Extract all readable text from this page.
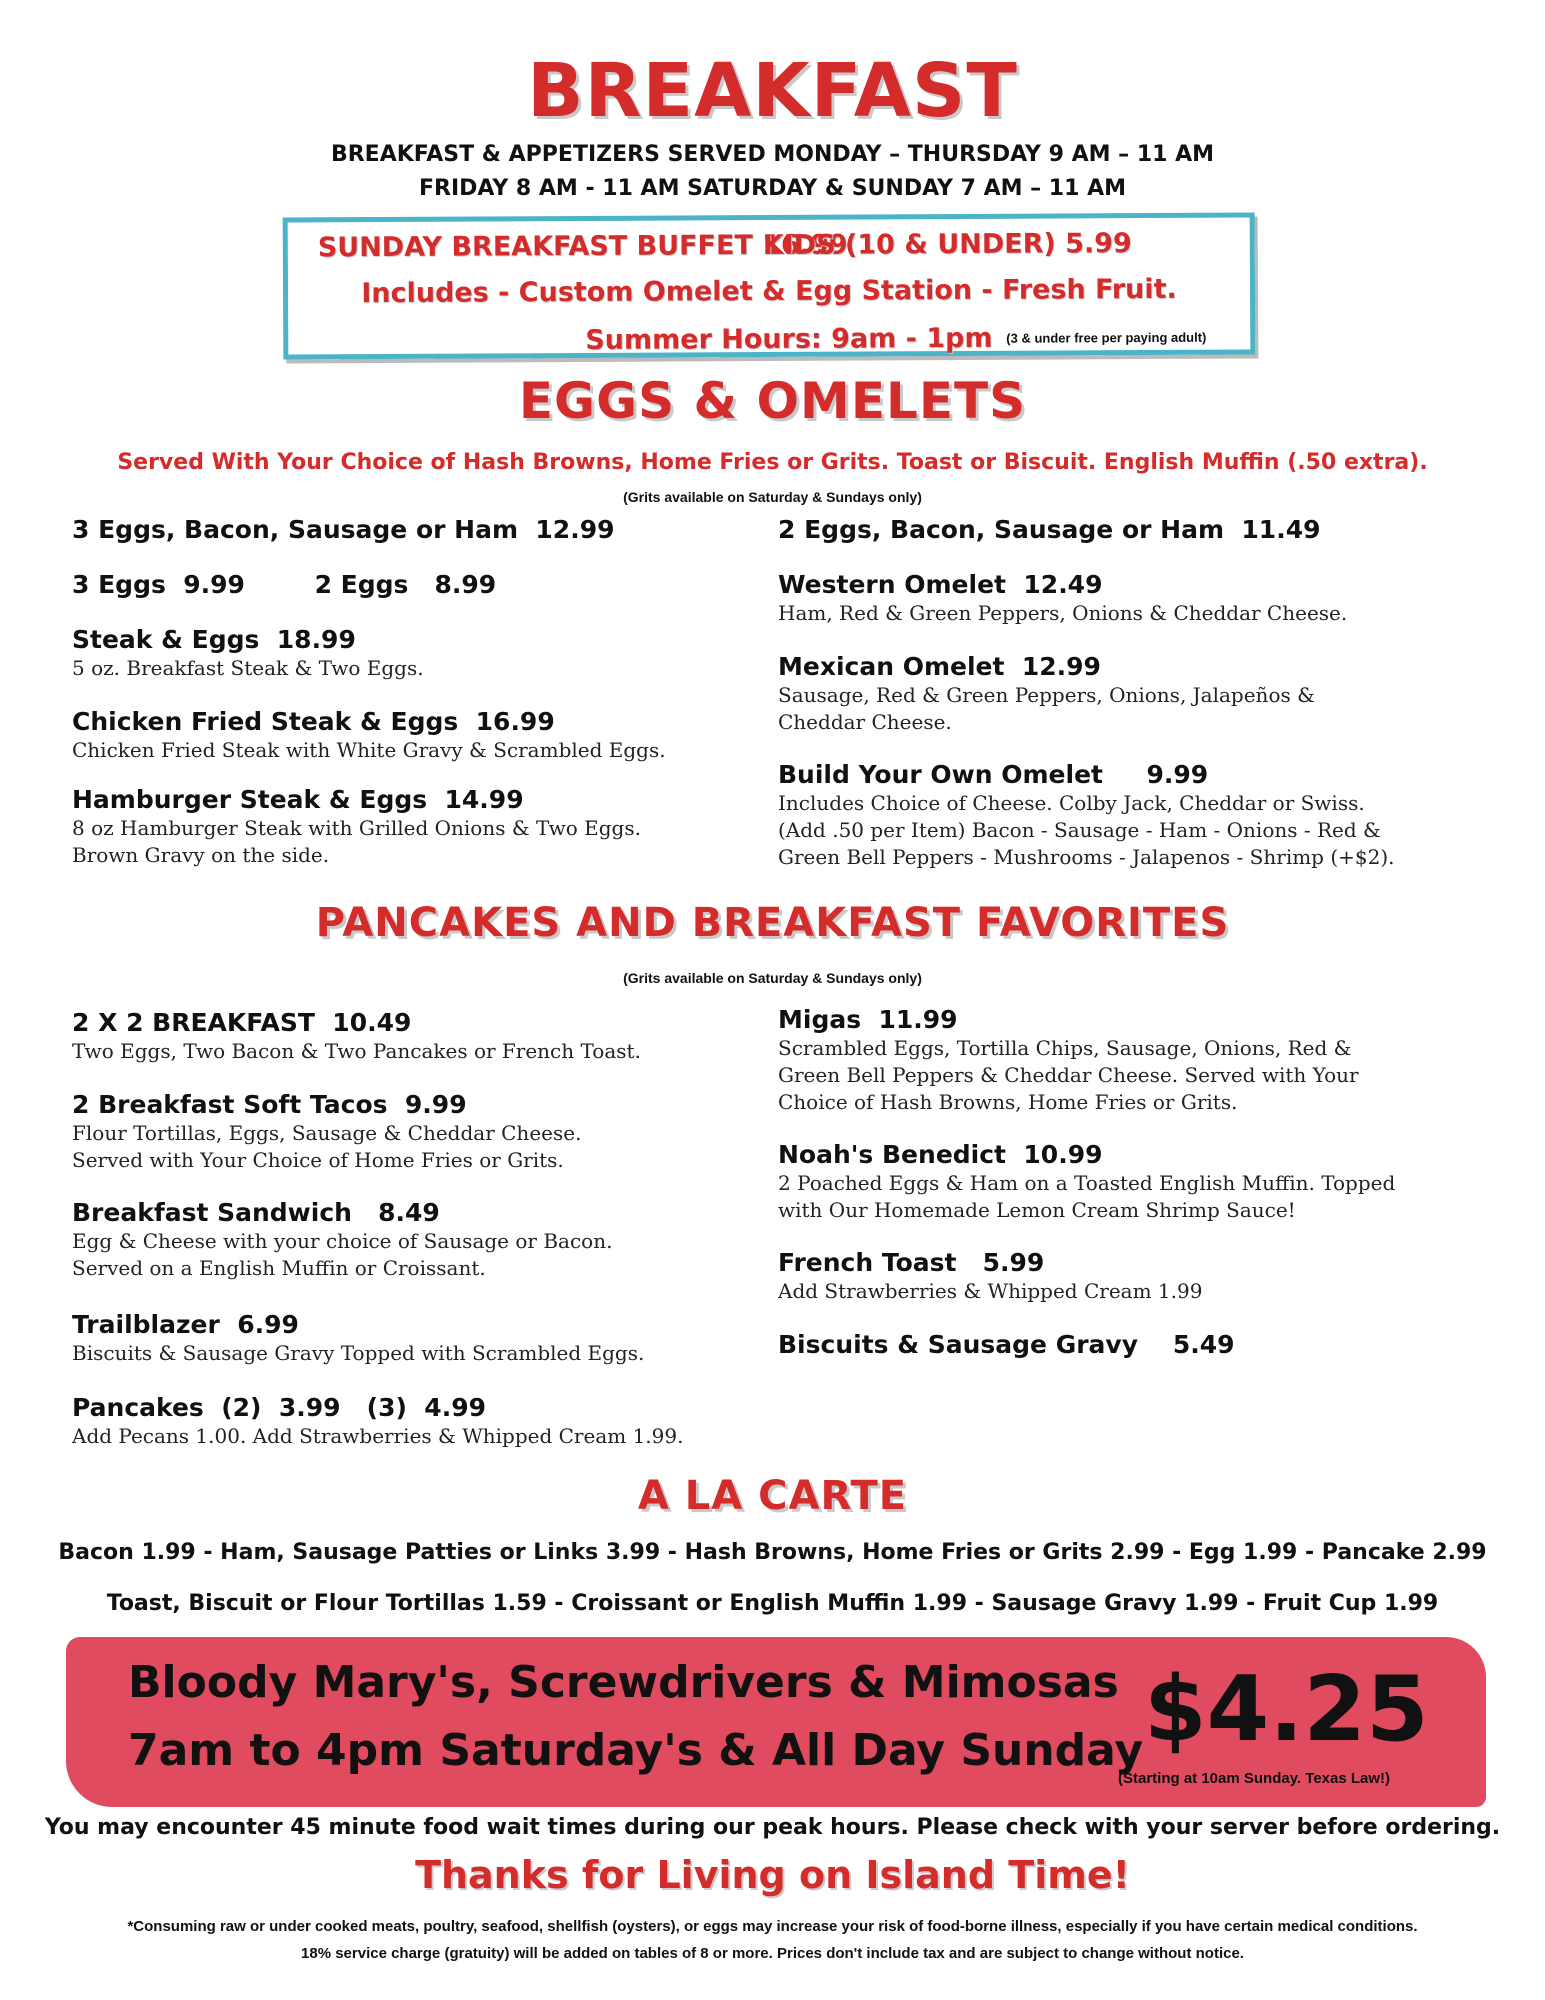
BREAKFAST
BREAKFAST & APPETIZERS SERVED MONDAY – THURSDAY 9 AM – 11 AM
FRIDAY 8 AM - 11 AM SATURDAY & SUNDAY 7 AM – 11 AM
SUNDAY BREAKFAST BUFFET 16.99
KIDS (10 & UNDER) 5.99
Includes - Custom Omelet & Egg Station - Fresh Fruit.
Summer Hours: 9am - 1pm (3 & under free per paying adult)
EGGS & OMELETS
Served With Your Choice of Hash Browns, Home Fries or Grits. Toast or Biscuit. English Muffin (.50 extra).
(Grits available on Saturday & Sundays only)
3 Eggs, Bacon, Sausage or Ham  12.99
3 Eggs  9.99        2 Eggs   8.99
Steak & Eggs  18.99
5 oz. Breakfast Steak & Two Eggs.
Chicken Fried Steak & Eggs  16.99
Chicken Fried Steak with White Gravy & Scrambled Eggs.
Hamburger Steak & Eggs  14.99
8 oz Hamburger Steak with Grilled Onions & Two Eggs.
Brown Gravy on the side.
2 Eggs, Bacon, Sausage or Ham  11.49
Western Omelet  12.49
Ham, Red & Green Peppers, Onions & Cheddar Cheese.
Mexican Omelet  12.99
Sausage, Red & Green Peppers, Onions, Jalapeños &
Cheddar Cheese.
Build Your Own Omelet     9.99
Includes Choice of Cheese. Colby Jack, Cheddar or Swiss.
(Add .50 per Item) Bacon - Sausage - Ham - Onions - Red &
Green Bell Peppers - Mushrooms - Jalapenos - Shrimp (+$2).
PANCAKES AND BREAKFAST FAVORITES
(Grits available on Saturday & Sundays only)
2 X 2 BREAKFAST  10.49
Two Eggs, Two Bacon & Two Pancakes or French Toast.
2 Breakfast Soft Tacos  9.99
Flour Tortillas, Eggs, Sausage & Cheddar Cheese.
Served with Your Choice of Home Fries or Grits.
Breakfast Sandwich   8.49
Egg & Cheese with your choice of Sausage or Bacon.
Served on a English Muffin or Croissant.
Trailblazer  6.99
Biscuits & Sausage Gravy Topped with Scrambled Eggs.
Pancakes  (2)  3.99   (3)  4.99
Add Pecans 1.00. Add Strawberries & Whipped Cream 1.99.
Migas  11.99
Scrambled Eggs, Tortilla Chips, Sausage, Onions, Red &
Green Bell Peppers & Cheddar Cheese. Served with Your
Choice of Hash Browns, Home Fries or Grits.
Noah's Benedict  10.99
2 Poached Eggs & Ham on a Toasted English Muffin. Topped
with Our Homemade Lemon Cream Shrimp Sauce!
French Toast   5.99
Add Strawberries & Whipped Cream 1.99
Biscuits & Sausage Gravy    5.49
A LA CARTE
Bacon 1.99 - Ham, Sausage Patties or Links 3.99 - Hash Browns, Home Fries or Grits 2.99 - Egg 1.99 - Pancake 2.99
Toast, Biscuit or Flour Tortillas 1.59 - Croissant or English Muffin 1.99 - Sausage Gravy 1.99 - Fruit Cup 1.99
Bloody Mary's, Screwdrivers & Mimosas
7am to 4pm Saturday's & All Day Sunday $4.25
(Starting at 10am Sunday. Texas Law!)
You may encounter 45 minute food wait times during our peak hours. Please check with your server before ordering.
Thanks for Living on Island Time!
*Consuming raw or under cooked meats, poultry, seafood, shellfish (oysters), or eggs may increase your risk of food-borne illness, especially if you have certain medical conditions.
18% service charge (gratuity) will be added on tables of 8 or more. Prices don't include tax and are subject to change without notice.
